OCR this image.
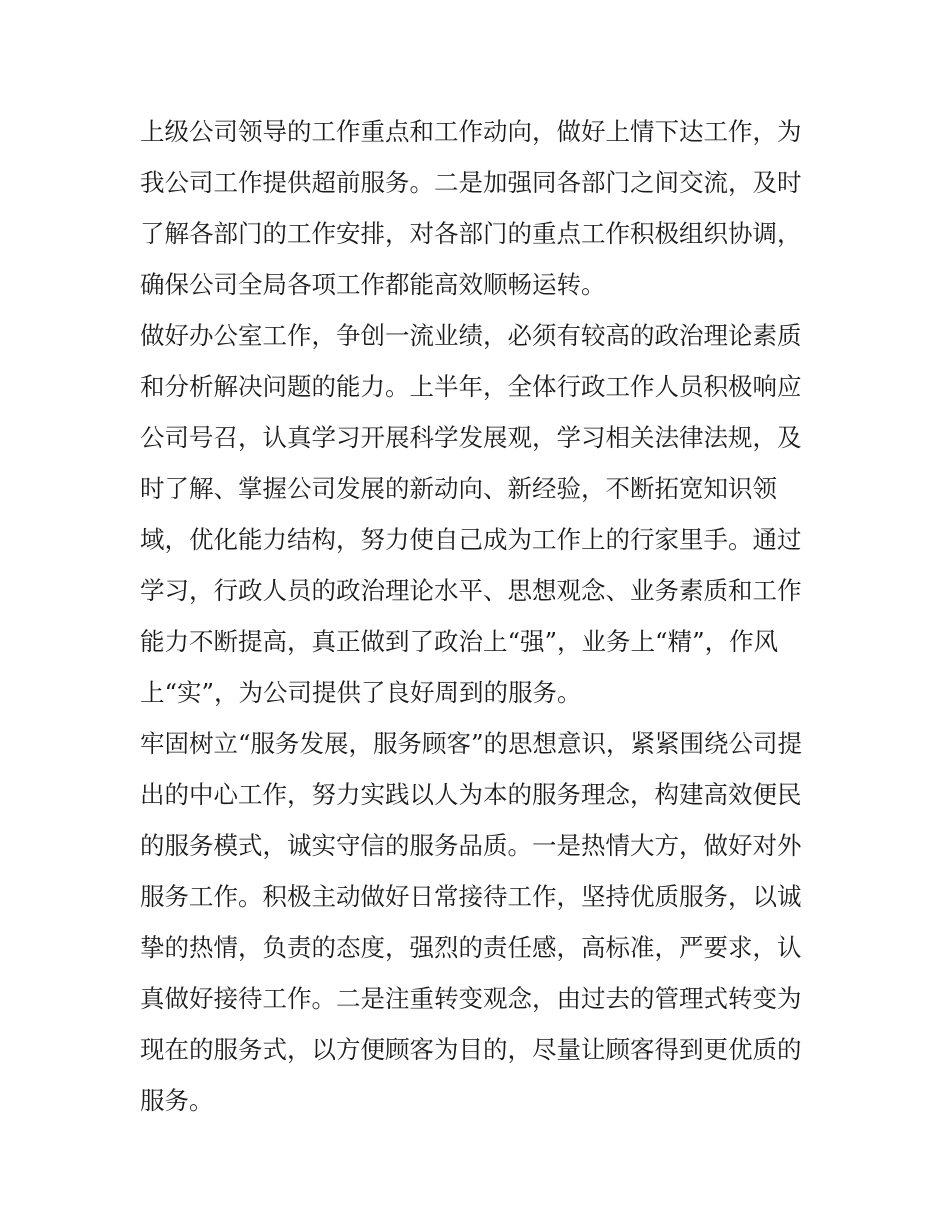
上级公司领导的工作重点和工作动向，做好上情下达工作，为
我公司工作提供超前服务。二是加强同各部门之间交流，及时
了解各部门的工作安排，对各部门的重点工作积极组织协调，
确保公司全局各项工作都能高效顺畅运转。
做好办公室工作，争创一流业绩，必须有较高的政治理论素质
和分析解决问题的能力。上半年，全体行政工作人员积极响应
公司号召，认真学习开展科学发展观，学习相关法律法规，及
时了解、掌握公司发展的新动向、新经验，不断拓宽知识领
域，优化能力结构，努力使自己成为工作上的行家里手。通过
学习，行政人员的政治理论水平、思想观念、业务素质和工作
能力不断提高，真正做到了政治上“强”，业务上“精”，作风
上“实”，为公司提供了良好周到的服务。
牢固树立“服务发展，服务顾客”的思想意识，紧紧围绕公司提
出的中心工作，努力实践以人为本的服务理念，构建高效便民
的服务模式，诚实守信的服务品质。一是热情大方，做好对外
服务工作。积极主动做好日常接待工作，坚持优质服务，以诚
挚的热情，负责的态度，强烈的责任感，高标准，严要求，认
真做好接待工作。二是注重转变观念，由过去的管理式转变为
现在的服务式，以方便顾客为目的，尽量让顾客得到更优质的
服务。
